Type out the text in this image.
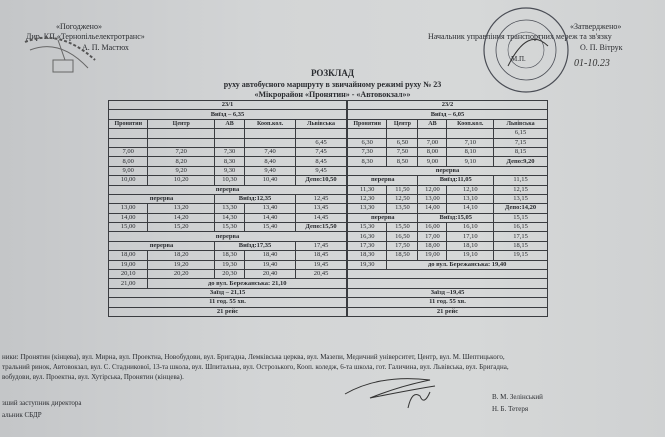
«Погоджено»
Дир. КП «Тернопільелектротранс»
А. П. Мастюх
«Затверджено»
Начальник управління транспортних мереж та зв'язку
О. П. Вітрук
М.П.	01-10.23
РОЗКЛАД
руху автобусного маршруту в звичайному режимі руху № 23
«Мікрорайон «Пронятин» - «Автовокзал»»
23/1				
Виїзд – 6,35				
Пронятин	Центр	АВ	Коoп.кол.	Львівська

				6,45
7,00	7,20	7,30	7,40	7,45
8,00	8,20	8,30	8,40	8,45
9,00	9,20	9,30	9,40	9,45
10,00	10,20	10,30	10,40	Депо:10,50
перерва				
перерва		Виїзд:12,35		12,45
13,00	13,20	13,30	13,40	13,45
14,00	14,20	14,30	14,40	14,45
15,00	15,20	15,30	15,40	Депо:15,50
перерва				
перерва		Виїзд:17,35		17,45
18,00	18,20	18,30	18,40	18,45
19,00	19,20	19,30	19,40	19,45
20,10	20,20	20,30	20,40	20,45
21,00	до вул. Бережанська: 21,10			
Заїзд – 21,15				
11 год. 55 хв.				
21 рейс				
23/2				
Виїзд – 6,05				
Пронятин	Центр	АВ	Коoп.кол.	Львівська
				6,15
6,30	6,50	7,00	7,10	7,15
7,30	7,50	8,00	8,10	8,15
8,30	8,50	9,00	9,10	Депо:9,20
перерва				
перерва		Виїзд:11,05		11,15
11,30	11,50	12,00	12,10	12,15
12,30	12,50	13,00	13,10	13,15
13,30	13,50	14,00	14,10	Депо:14,20
перерва		Виїзд:15,05		15,15
15,30	15,50	16,00	16,10	16,15
16,30	16,50	17,00	17,10	17,15
17,30	17,50	18,00	18,10	18,15
18,30	18,50	19,00	19,10	19,15
19,30	до вул. Бережанська: 19,40			

Заїзд –19,45				
11 год. 55 хв.				
21 рейс				
ники: Пронятин (кінцева), вул. Мирна, вул. Проектна, Новобудови, вул. Бригадна, Лемківська церква, вул. Мазепи, Медичний університет, Центр, вул. М. Шептицького,
тральний ринок, Автовокзал, вул. С. Стадникової, 13-та школа, вул. Шпитальна, вул. Острозького, Кооп. коледж, 6-та школа, гот. Галичина, вул. Львівська, вул. Бригадна,
вобудови, вул. Проектна, вул. Хутірська, Пронятин (кінцева).
зший заступник директора
альник СБДР
В. М. Зелінський
Н. Б. Тетеря
